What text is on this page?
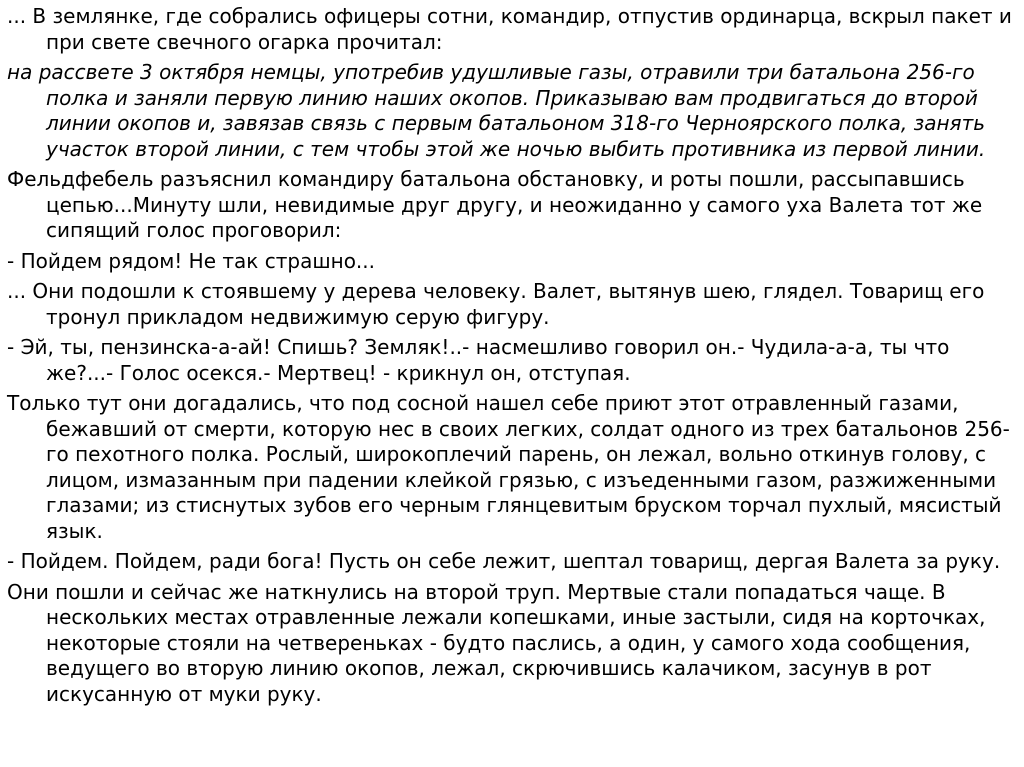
... В землянке, где собрались офицеры сотни, командир, отпустив ординарца, вскрыл пакет и при свете свечного огарка прочитал:

на рассвете 3 октября немцы, употребив удушливые газы, отравили три батальона 256-го полка и заняли первую линию наших окопов. Приказываю вам продвигаться до второй линии окопов и, завязав связь с первым батальоном 318-го Черноярского полка, занять участок второй линии, с тем чтобы этой же ночью выбить противника из первой линии.

Фельдфебель разъяснил командиру батальона обстановку, и роты пошли, рассыпавшись цепью...Минуту шли, невидимые друг другу, и неожиданно у самого уха Валета тот же сипящий голос проговорил:

- Пойдем рядом! Не так страшно...

... Они подошли к стоявшему у дерева человеку. Валет, вытянув шею, глядел. Товарищ его тронул прикладом недвижимую серую фигуру.

- Эй, ты, пензинска-а-ай! Спишь? Земляк!..- насмешливо говорил он.- Чудила-а-а, ты что же?...- Голос осекся.- Мертвец! - крикнул он, отступая.

Только тут они догадались, что под сосной нашел себе приют этот отравленный газами, бежавший от смерти, которую нес в своих легких, солдат одного из трех батальонов 256-го пехотного полка. Рослый, широкоплечий парень, он лежал, вольно откинув голову, с лицом, измазанным при падении клейкой грязью, с изъеденными газом, разжиженными глазами; из стиснутых зубов его черным глянцевитым бруском торчал пухлый, мясистый язык.

- Пойдем. Пойдем, ради бога! Пусть он себе лежит, шептал товарищ, дергая Валета за руку.

Они пошли и сейчас же наткнулись на второй труп. Мертвые стали попадаться чаще. В нескольких местах отравленные лежали копешками, иные застыли, сидя на корточках, некоторые стояли на четвереньках - будто паслись, а один, у самого хода сообщения, ведущего во вторую линию окопов, лежал, скрючившись калачиком, засунув в рот искусанную от муки руку.
